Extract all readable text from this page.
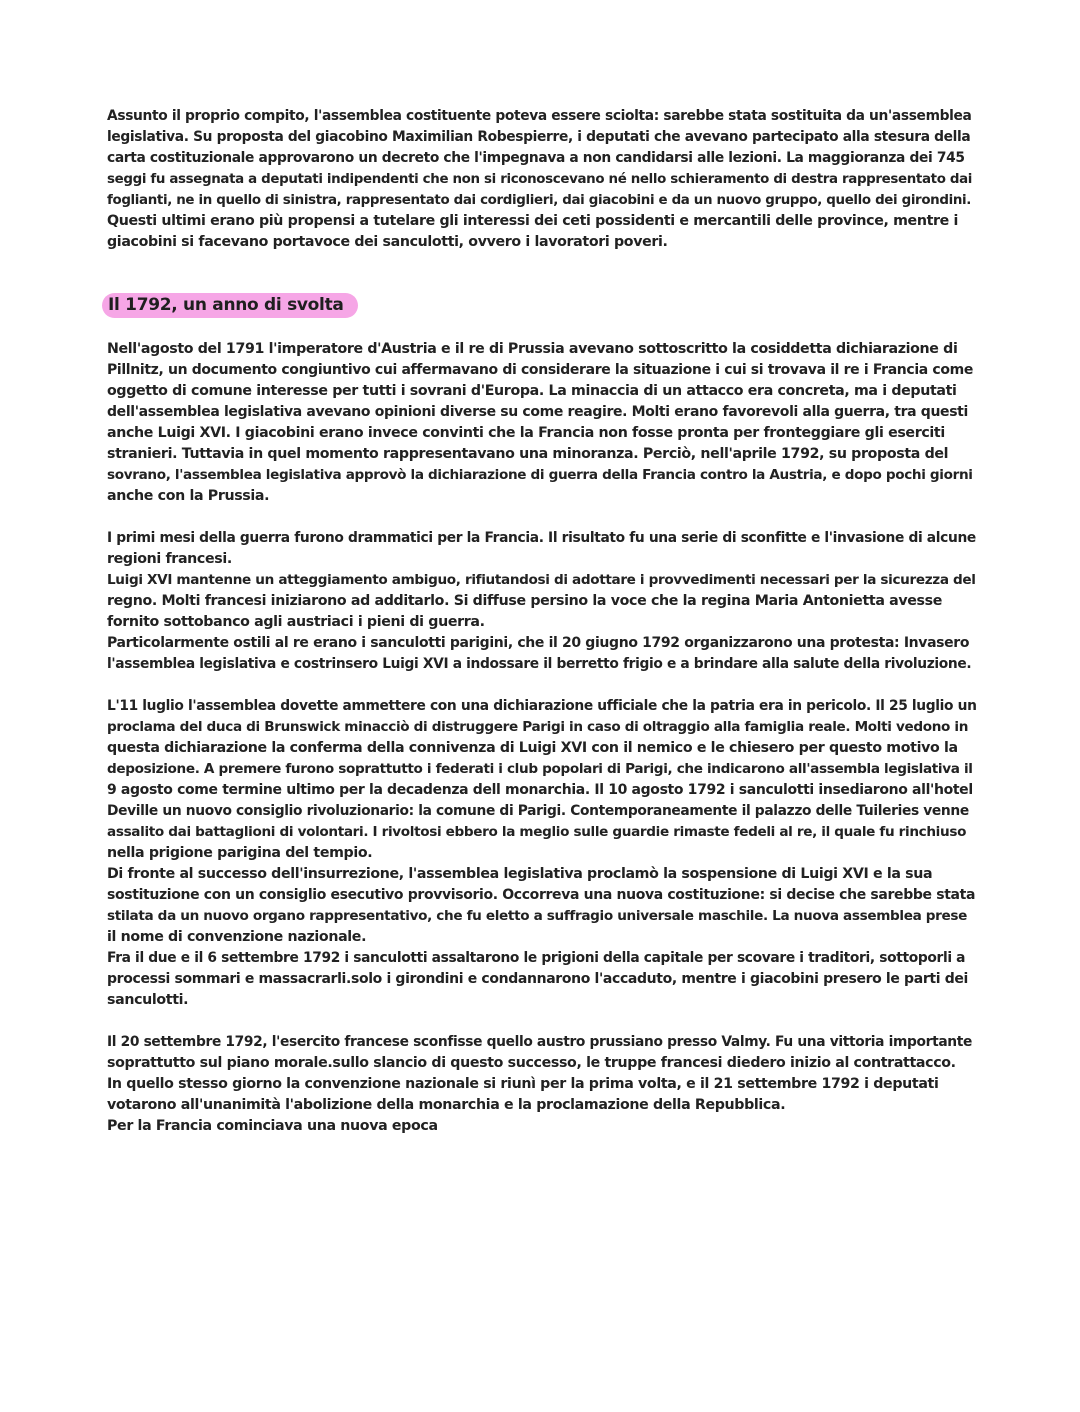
Assunto il proprio compito, l'assemblea costituente poteva essere sciolta: sarebbe stata sostituita da un'assemblea
legislativa. Su proposta del giacobino Maximilian Robespierre, i deputati che avevano partecipato alla stesura della
carta costituzionale approvarono un decreto che l'impegnava a non candidarsi alle lezioni. La maggioranza dei 745
seggi fu assegnata a deputati indipendenti che non si riconoscevano né nello schieramento di destra rappresentato dai
foglianti, ne in quello di sinistra, rappresentato dai cordiglieri, dai giacobini e da un nuovo gruppo, quello dei girondini.
Questi ultimi erano più propensi a tutelare gli interessi dei ceti possidenti e mercantili delle province, mentre i
giacobini si facevano portavoce dei sanculotti, ovvero i lavoratori poveri.

Il 1792, un anno di svolta

Nell'agosto del 1791 l'imperatore d'Austria e il re di Prussia avevano sottoscritto la cosiddetta dichiarazione di
Pillnitz, un documento congiuntivo cui affermavano di considerare la situazione i cui si trovava il re i Francia come
oggetto di comune interesse per tutti i sovrani d'Europa. La minaccia di un attacco era concreta, ma i deputati
dell'assemblea legislativa avevano opinioni diverse su come reagire. Molti erano favorevoli alla guerra, tra questi
anche Luigi XVI. I giacobini erano invece convinti che la Francia non fosse pronta per fronteggiare gli eserciti
stranieri. Tuttavia in quel momento rappresentavano una minoranza. Perciò, nell'aprile 1792, su proposta del
sovrano, l'assemblea legislativa approvò la dichiarazione di guerra della Francia contro la Austria, e dopo pochi giorni
anche con la Prussia.

I primi mesi della guerra furono drammatici per la Francia. Il risultato fu una serie di sconfitte e l'invasione di alcune
regioni francesi.
Luigi XVI mantenne un atteggiamento ambiguo, rifiutandosi di adottare i provvedimenti necessari per la sicurezza del
regno. Molti francesi iniziarono ad additarlo. Si diffuse persino la voce che la regina Maria Antonietta avesse
fornito sottobanco agli austriaci i pieni di guerra.
Particolarmente ostili al re erano i sanculotti parigini, che il 20 giugno 1792 organizzarono una protesta: Invasero
l'assemblea legislativa e costrinsero Luigi XVI a indossare il berretto frigio e a brindare alla salute della rivoluzione.

L'11 luglio l'assemblea dovette ammettere con una dichiarazione ufficiale che la patria era in pericolo. Il 25 luglio un
proclama del duca di Brunswick minacciò di distruggere Parigi in caso di oltraggio alla famiglia reale. Molti vedono in
questa dichiarazione la conferma della connivenza di Luigi XVI con il nemico e le chiesero per questo motivo la
deposizione. A premere furono soprattutto i federati i club popolari di Parigi, che indicarono all'assembla legislativa il
9 agosto come termine ultimo per la decadenza dell monarchia. Il 10 agosto 1792 i sanculotti insediarono all'hotel
Deville un nuovo consiglio rivoluzionario: la comune di Parigi. Contemporaneamente il palazzo delle Tuileries venne
assalito dai battaglioni di volontari. I rivoltosi ebbero la meglio sulle guardie rimaste fedeli al re, il quale fu rinchiuso
nella prigione parigina del tempio.
Di fronte al successo dell'insurrezione, l'assemblea legislativa proclamò la sospensione di Luigi XVI e la sua
sostituzione con un consiglio esecutivo provvisorio. Occorreva una nuova costituzione: si decise che sarebbe stata
stilata da un nuovo organo rappresentativo, che fu eletto a suffragio universale maschile. La nuova assemblea prese
il nome di convenzione nazionale.
Fra il due e il 6 settembre 1792 i sanculotti assaltarono le prigioni della capitale per scovare i traditori, sottoporli a
processi sommari e massacrarli.solo i girondini e condannarono l'accaduto, mentre i giacobini presero le parti dei
sanculotti.

Il 20 settembre 1792, l'esercito francese sconfisse quello austro prussiano presso Valmy. Fu una vittoria importante
soprattutto sul piano morale.sullo slancio di questo successo, le truppe francesi diedero inizio al contrattacco.
In quello stesso giorno la convenzione nazionale si riunì per la prima volta, e il 21 settembre 1792 i deputati
votarono all'unanimità l'abolizione della monarchia e la proclamazione della Repubblica.
Per la Francia cominciava una nuova epoca
